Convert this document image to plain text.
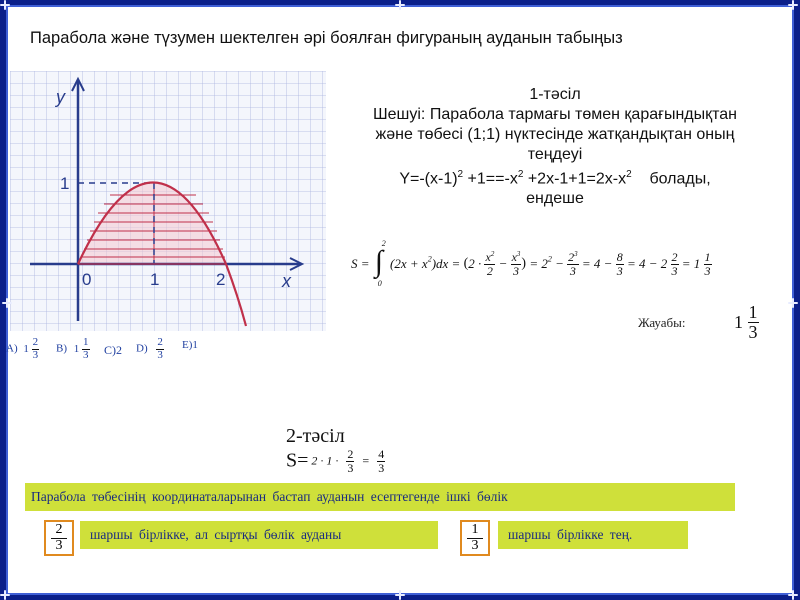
Парабола және түзумен шектелген әрі боялған фигураның ауданын табыңыз
y
x
0
1
1	2
A) $1 \frac{2}{3} B$) $1 \frac{1}{3} C)2$ $D) \frac{2}{3} E)1$
1-тәсіл
Шешуі: Парабола тармағы төмен қарағындықтан
және төбесі (1;1) нүктесінде жатқандықтан оның
теңдеуі
$Y=-(x-1)^2 +1==-x^2 +2x-1+1=2x-x^2$    болады,
ендеше
S = ∫
2
0
$(2x + x^2)dx = (2 \cdot \frac{x^2}{2} - \frac{x^3}{3}$ ) = $2^2 - \frac{2^3}{3} = 4 - \frac{8}{3} = 4 - 2 \frac{2}{3} = 1 \frac{1}{3}$
Жауабы:	$1 \frac{1}{3}$
2-тәсіл
$S= 2 \cdot 1 \cdot \frac{2}{3} = \frac{4}{3}$
Парабола төбесінің координаталарынан бастап ауданын есептегенде ішкі бөлік
$\frac{2}{3}$	шаршы бірлікке, ал сыртқы бөлік ауданы	$\frac{1}{3}$	шаршы бірлікке тең.
